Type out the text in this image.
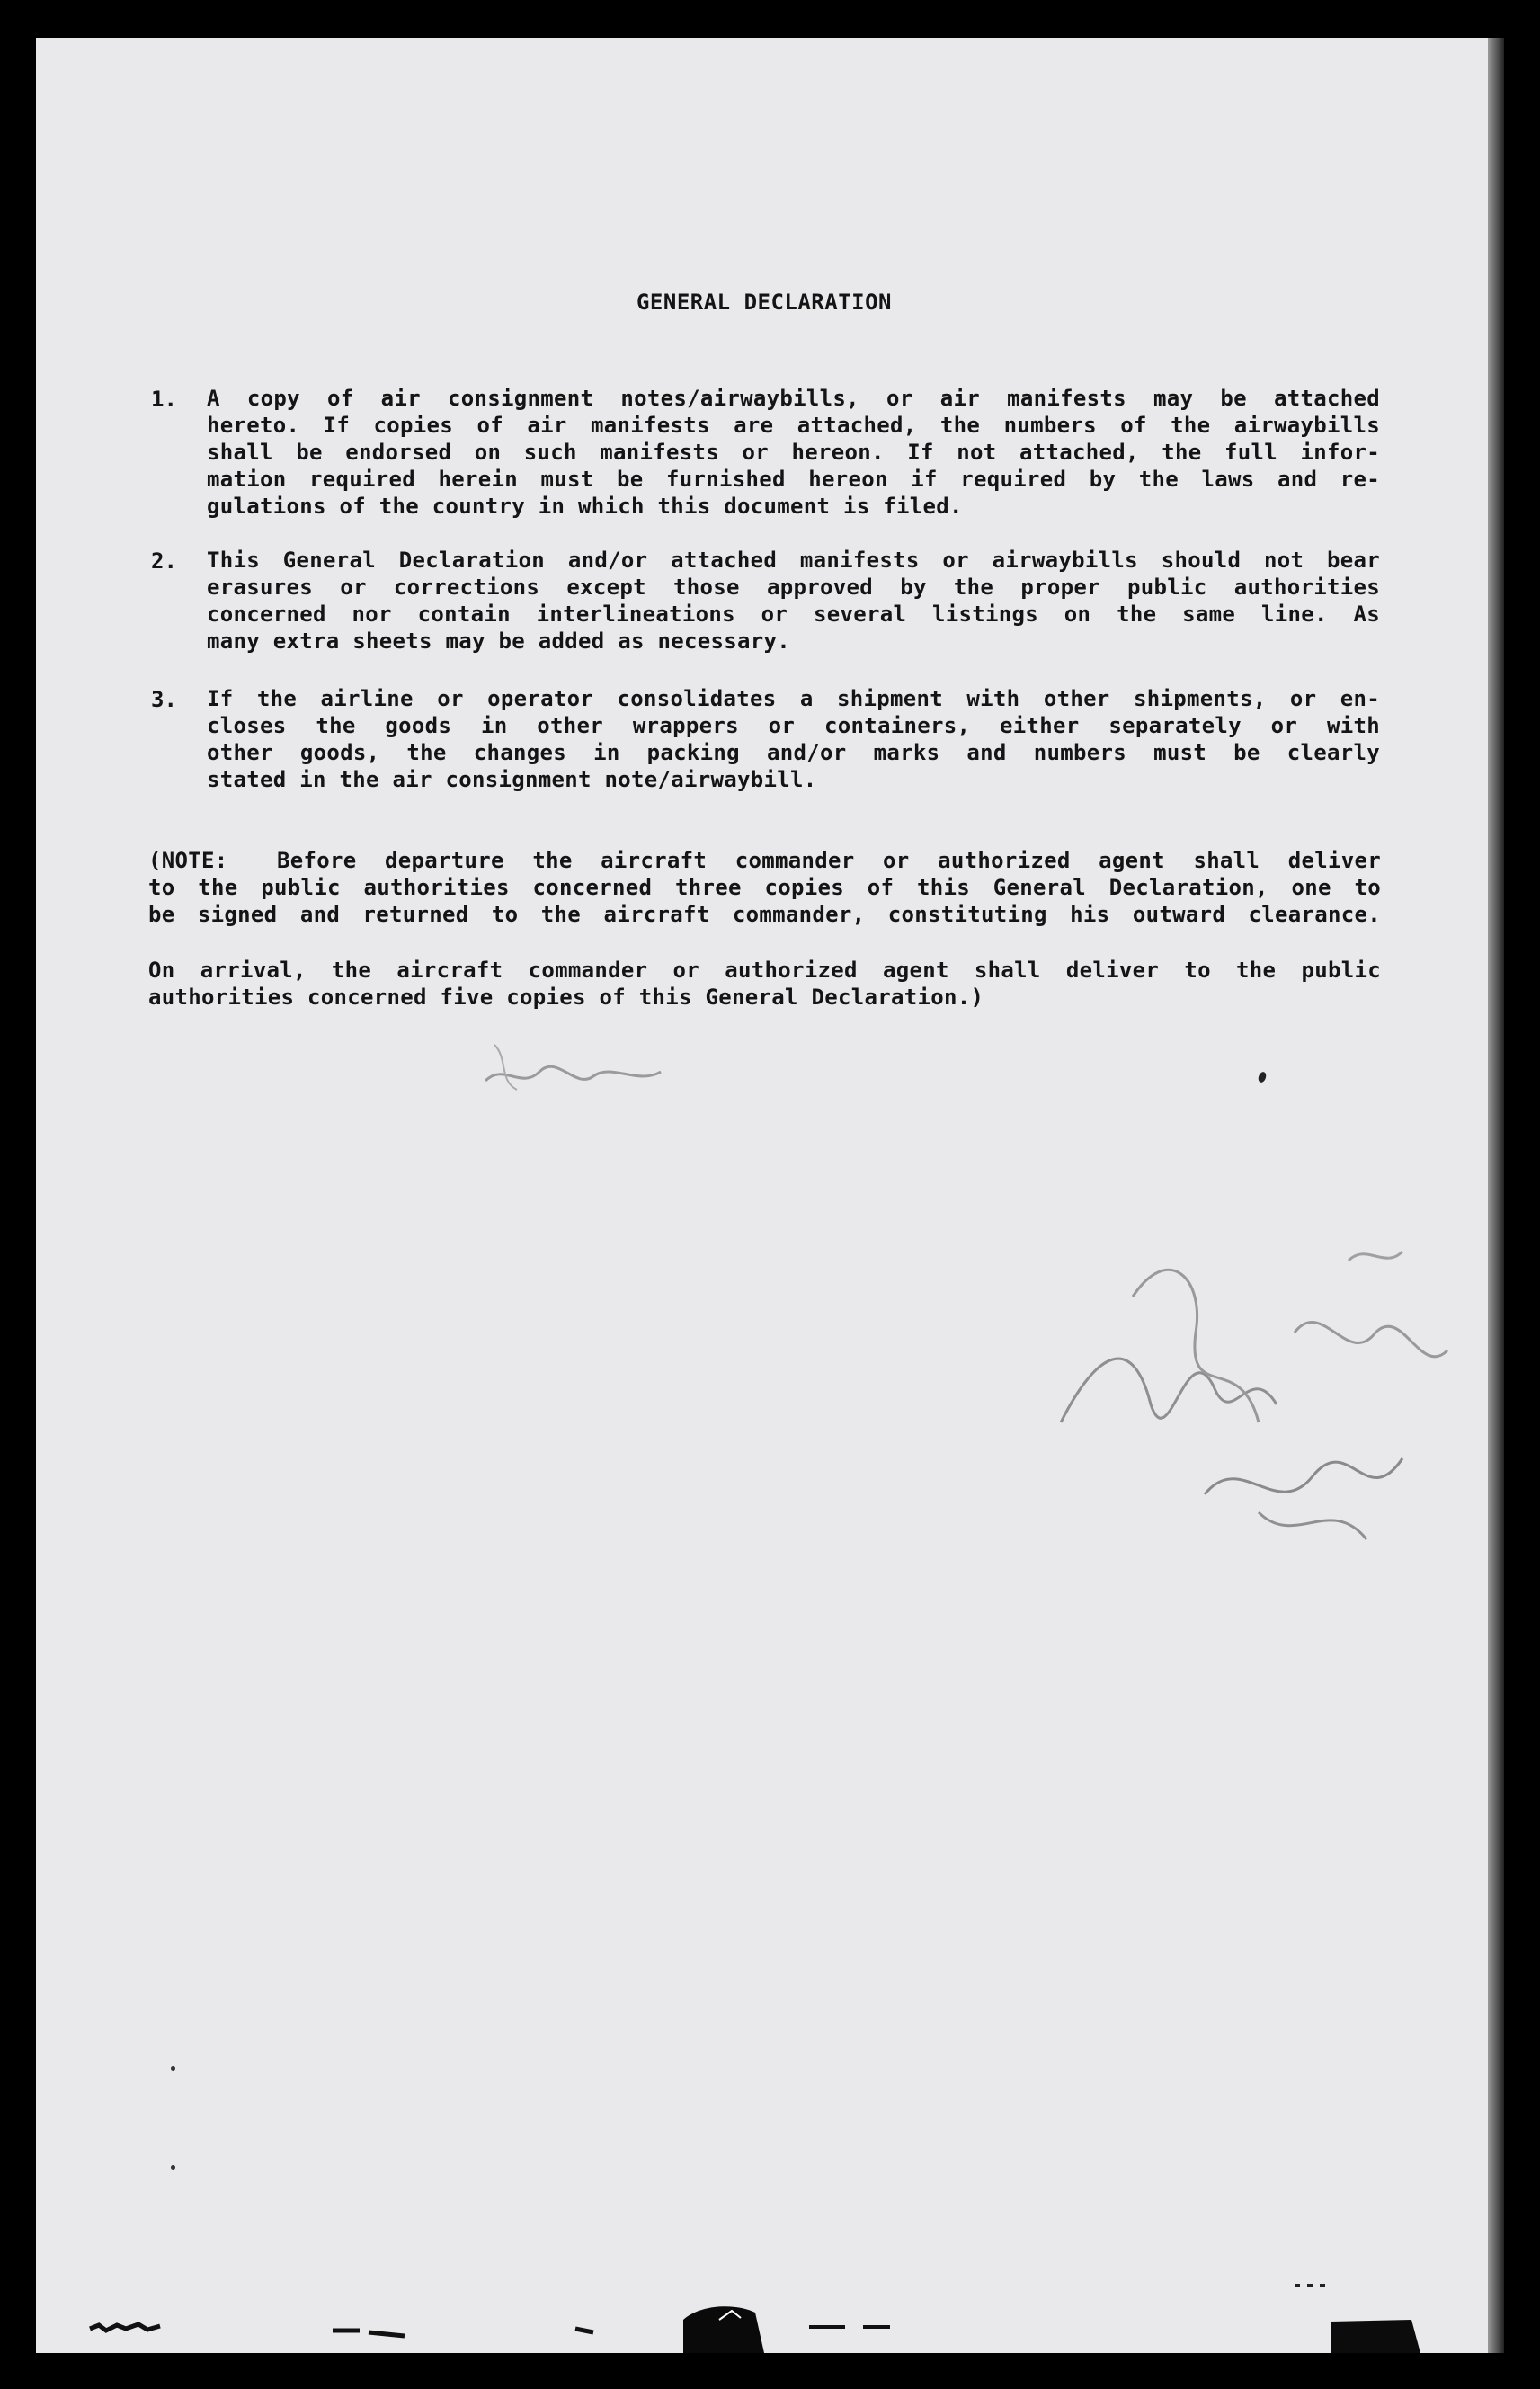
GENERAL DECLARATION
1. A copy of air consignment notes/airwaybills, or air manifests may be attached
hereto. If copies of air manifests are attached, the numbers of the airwaybills
shall be endorsed on such manifests or hereon. If not attached, the full infor-
mation required herein must be furnished hereon if required by the laws and re-
gulations of the country in which this document is filed.
2. This General Declaration and/or attached manifests or airwaybills should not bear
erasures or corrections except those approved by the proper public authorities
concerned nor contain interlineations or several listings on the same line. As
many extra sheets may be added as necessary.
3. If the airline or operator consolidates a shipment with other shipments, or en-
closes the goods in other wrappers or containers, either separately or with
other goods, the changes in packing and/or marks and numbers must be clearly
stated in the air consignment note/airwaybill.
(NOTE: Before departure the aircraft commander or authorized agent shall deliver
to the public authorities concerned three copies of this General Declaration, one to
be signed and returned to the aircraft commander, constituting his outward clearance.
On arrival, the aircraft commander or authorized agent shall deliver to the public
authorities concerned five copies of this General Declaration.)
